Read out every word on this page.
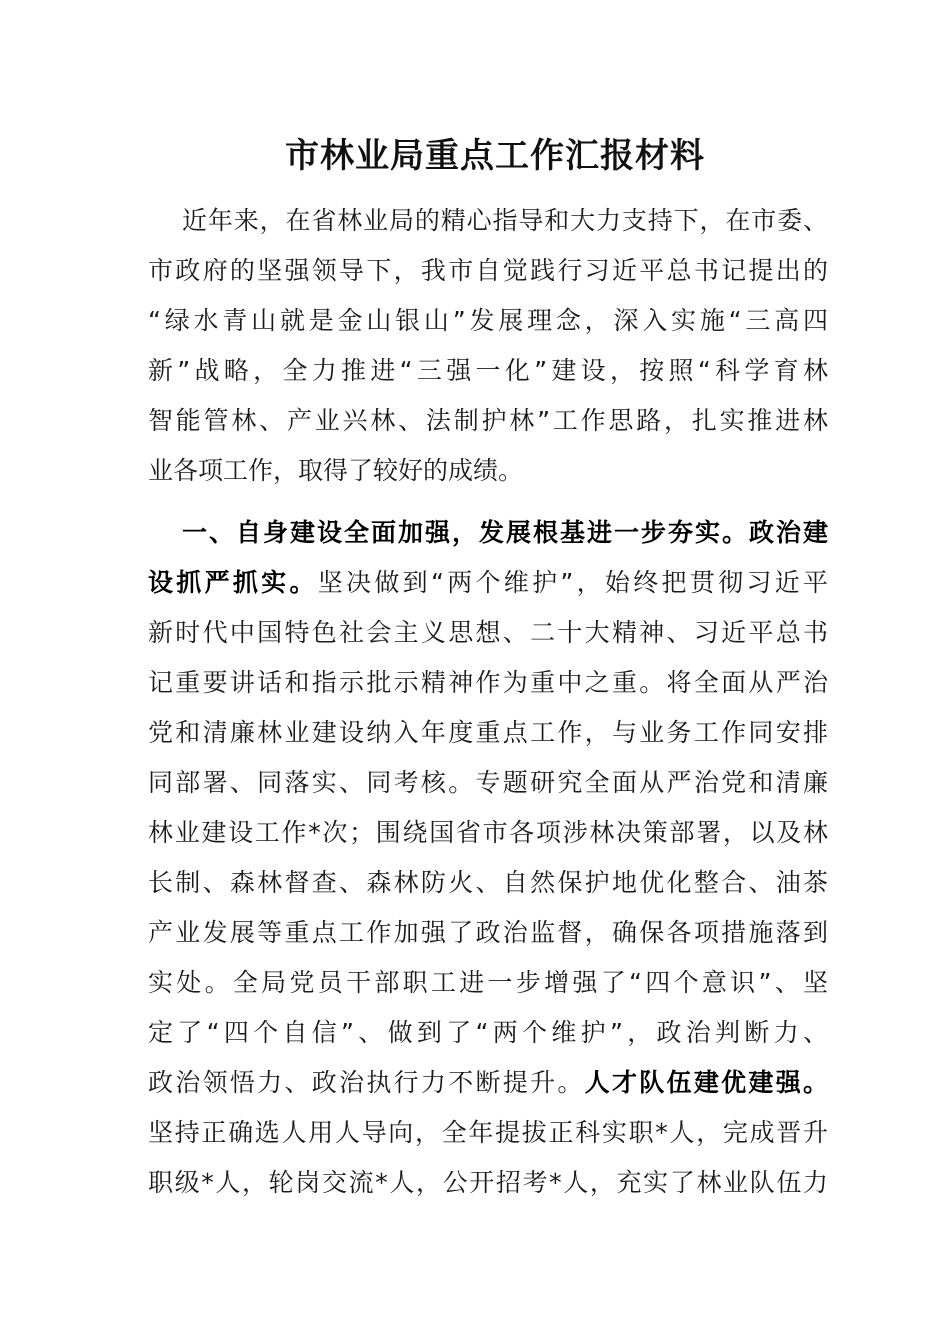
市林业局重点工作汇报材料
近年来，在省林业局的精心指导和大力支持下，在市委、
市政府的坚强领导下，我市自觉践行习近平总书记提出的
“绿水青山就是金山银山”发展理念，深入实施“三高四
新”战略，全力推进“三强一化”建设，按照“科学育林
智能管林、产业兴林、法制护林”工作思路，扎实推进林
业各项工作，取得了较好的成绩。
一、自身建设全面加强，发展根基进一步夯实。政治建
设抓严抓实。坚决做到“两个维护”，始终把贯彻习近平
新时代中国特色社会主义思想、二十大精神、习近平总书
记重要讲话和指示批示精神作为重中之重。将全面从严治
党和清廉林业建设纳入年度重点工作，与业务工作同安排
同部署、同落实、同考核。专题研究全面从严治党和清廉
林业建设工作*次；围绕国省市各项涉林决策部署，以及林
长制、森林督查、森林防火、自然保护地优化整合、油茶
产业发展等重点工作加强了政治监督，确保各项措施落到
实处。全局党员干部职工进一步增强了“四个意识”、坚
定了“四个自信”、做到了“两个维护”，政治判断力、
政治领悟力、政治执行力不断提升。人才队伍建优建强。
坚持正确选人用人导向，全年提拔正科实职*人，完成晋升
职级*人，轮岗交流*人，公开招考*人，充实了林业队伍力
